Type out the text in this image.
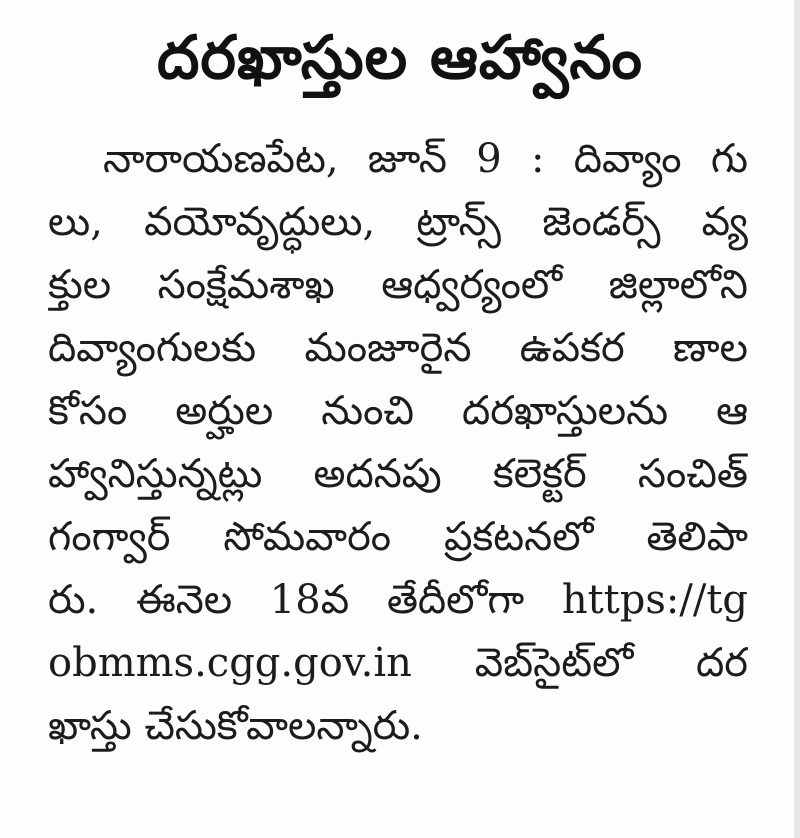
దరఖాస్తుల ఆహ్వానం
నారాయణపేట, జూన్ 9 : దివ్యాం గు
లు, వయోవృద్ధులు, ట్రాన్స్ జెండర్స్ వ్య
క్తుల సంక్షేమశాఖ ఆధ్వర్యంలో జిల్లాలోని
దివ్యాంగులకు మంజూరైన ఉపకర ణాల
కోసం అర్హుల నుంచి దరఖాస్తులను ఆ
హ్వానిస్తున్నట్లు అదనపు కలెక్టర్ సంచిత్
గంగ్వార్ సోమవారం ప్రకటనలో తెలిపా
రు. ఈనెల 18వ తేదీలోగా https://tg
obmms.cgg.gov.in వెబ్‌సైట్‌లో దర
ఖాస్తు చేసుకోవాలన్నారు.
